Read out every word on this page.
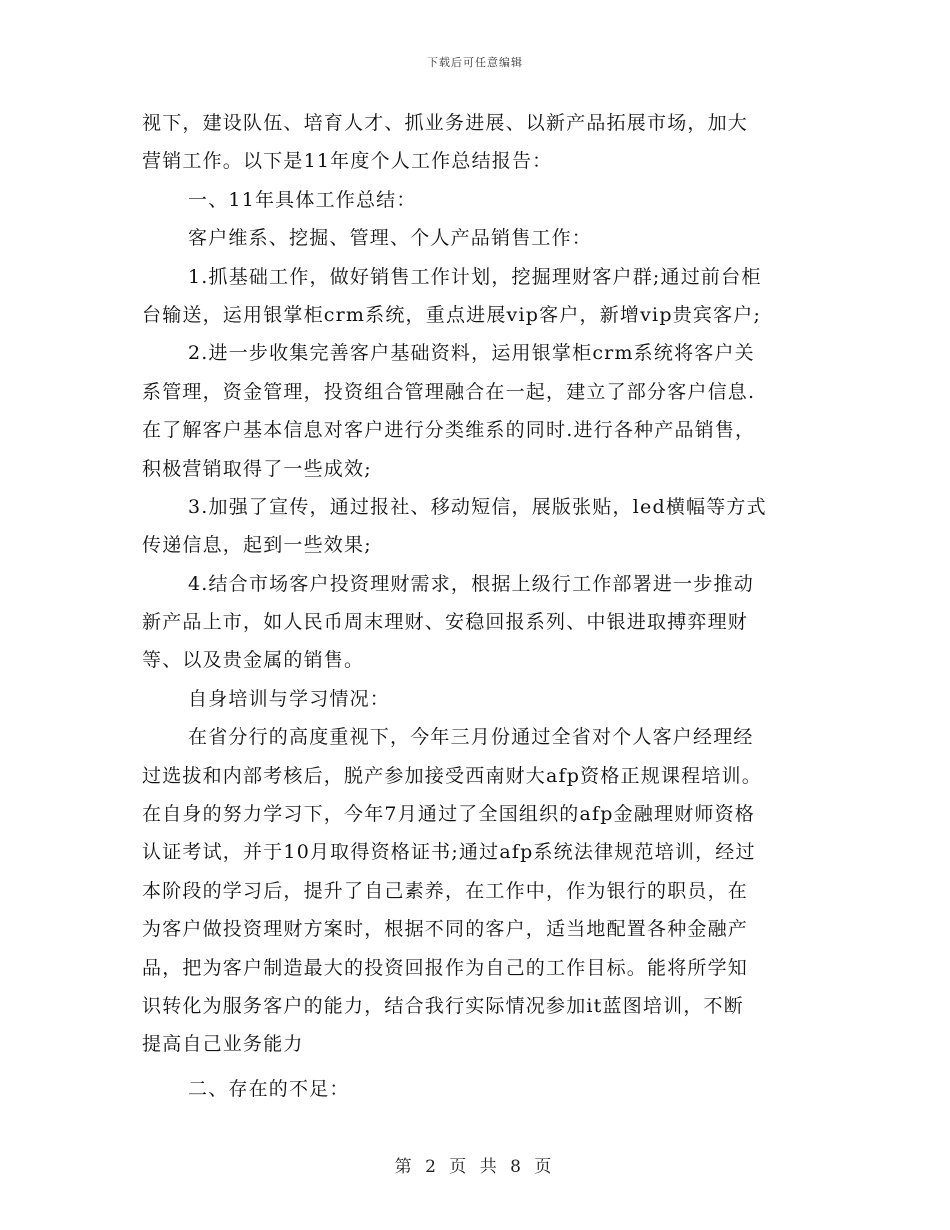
下载后可任意编辑
视下，建设队伍、培育人才、抓业务进展、以新产品拓展市场，加大
营销工作。以下是11年度个人工作总结报告：
一、11年具体工作总结：
客户维系、挖掘、管理、个人产品销售工作：
1.抓基础工作，做好销售工作计划，挖掘理财客户群;通过前台柜
台输送，运用银掌柜crm系统，重点进展vip客户，新增vip贵宾客户;
2.进一步收集完善客户基础资料，运用银掌柜crm系统将客户关
系管理，资金管理，投资组合管理融合在一起，建立了部分客户信息.
在了解客户基本信息对客户进行分类维系的同时.进行各种产品销售，
积极营销取得了一些成效;
3.加强了宣传，通过报社、移动短信，展版张贴，led横幅等方式
传递信息，起到一些效果;
4.结合市场客户投资理财需求，根据上级行工作部署进一步推动
新产品上市，如人民币周末理财、安稳回报系列、中银进取搏弈理财
等、以及贵金属的销售。
自身培训与学习情况：
在省分行的高度重视下，今年三月份通过全省对个人客户经理经
过选拔和内部考核后，脱产参加接受西南财大afp资格正规课程培训。
在自身的努力学习下，今年7月通过了全国组织的afp金融理财师资格
认证考试，并于10月取得资格证书;通过afp系统法律规范培训，经过
本阶段的学习后，提升了自己素养，在工作中，作为银行的职员，在
为客户做投资理财方案时，根据不同的客户，适当地配置各种金融产
品，把为客户制造最大的投资回报作为自己的工作目标。能将所学知
识转化为服务客户的能力，结合我行实际情况参加it蓝图培训，不断
提高自己业务能力
二、存在的不足：
第 2 页 共 8 页
